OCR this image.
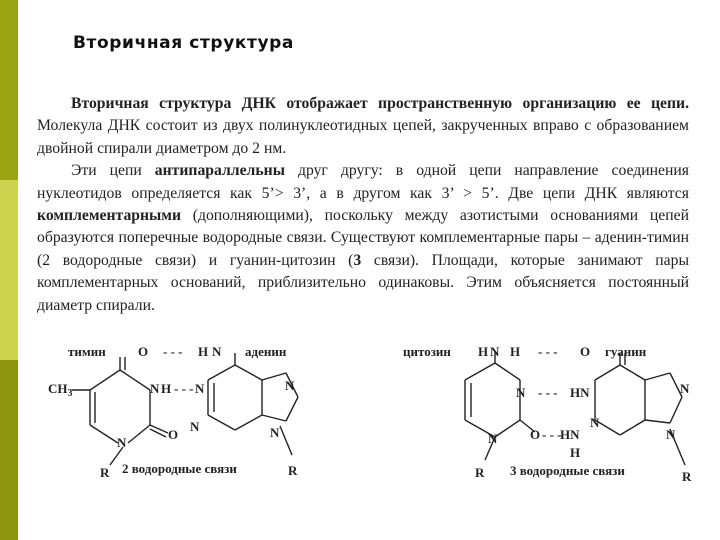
Вторичная структура

Вторичная структура ДНК отображает пространственную организацию ее цепи. Молекула ДНК состоит из двух полинуклеотидных цепей, закрученных вправо с образованием двойной спирали диаметром до 2 нм.

Эти цепи антипараллельны друг другу: в одной цепи направление соединения нуклеотидов определяется как 5’> 3’, а в другом как 3’ > 5’. Две цепи ДНК являются комплементарными (дополняющими), поскольку между азотистыми основаниями цепей образуются поперечные водородные связи. Существуют комплементарные пары – аденин-тимин (2 водородные связи) и гуанин-цитозин (3 связи). Площади, которые занимают пары комплементарных оснований, приблизительно одинаковы. Этим объясняется постоянный диаметр спирали.

тимин O - - - H N аденин
$CH_3$	N H - - - N	N
N	N
N
O
R 2 водородные связи	R
цитозин H N H - - - O гуанин
N - - - HN	N
O - - -
HN
H
N
N
N
R 3 водородные связи	R
